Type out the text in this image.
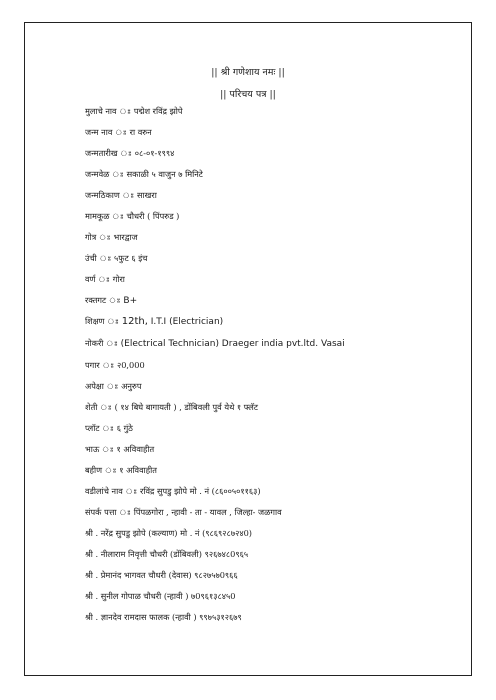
|| श्री गणेशाय नमः ||
|| परिचय पत्र ||
मुलाचे नाव ঃ पद्मेश रविंद्र झोपे
जन्म नाव ঃ रा वरुन
जन्मतारीख ঃ ०८-०१-१९९४
जन्मवेळ ঃ सकाळी ५ वाजुन ७ मिनिटे
जन्मठिकाण ঃ साखरा
मामकूळ ঃ चौधरी ( पिंपरुड )
गोत्र ঃ भारद्वाज
उंची ঃ ५फुट ६ इंच
वर्ण ঃ गोरा
रक्तगट ঃ B+
शिक्षण ঃ 12th, I.T.I (Electrician)
नोकरी ঃ (Electrical Technician) Draeger india pvt.ltd. Vasai
पगार ঃ २0,000
अपेक्षा ঃ अनुरुप
शेती ঃ ( १४ बिघे बागायती ) , डोंबिवली पुर्व येथे १ फ्लॅट
प्लॉट ঃ ६ गुंठे
भाऊ ঃ १ अविवाहीत
बहीण ঃ १ अविवाहीत
वडीलांचे नाव ঃ रविंद्र सुपडु झोपे मो . नं (८६००५०११६३)
संपर्क पत्ता ঃ पिंपळगोरा , न्हावी - ता - यावल , जिल्हा- जळगाव
श्री . नरेंद्र सुपडु झोपे (कल्याण) मो . नं (९८६९२८७२४0)
श्री . नीलाराम निवृत्ती चौधरी (डोंबिवली) ९२६७४८0९६५
श्री . प्रेमानंद भागवत चौधरी (देवास) ९८२७५७0९६६
श्री . सुनील गोपाळ चौधरी (न्हावी ) ७0९६१३८४५0
श्री . ज्ञानदेव रामदास फालक (न्हावी ) ९९७५३१२६७९
